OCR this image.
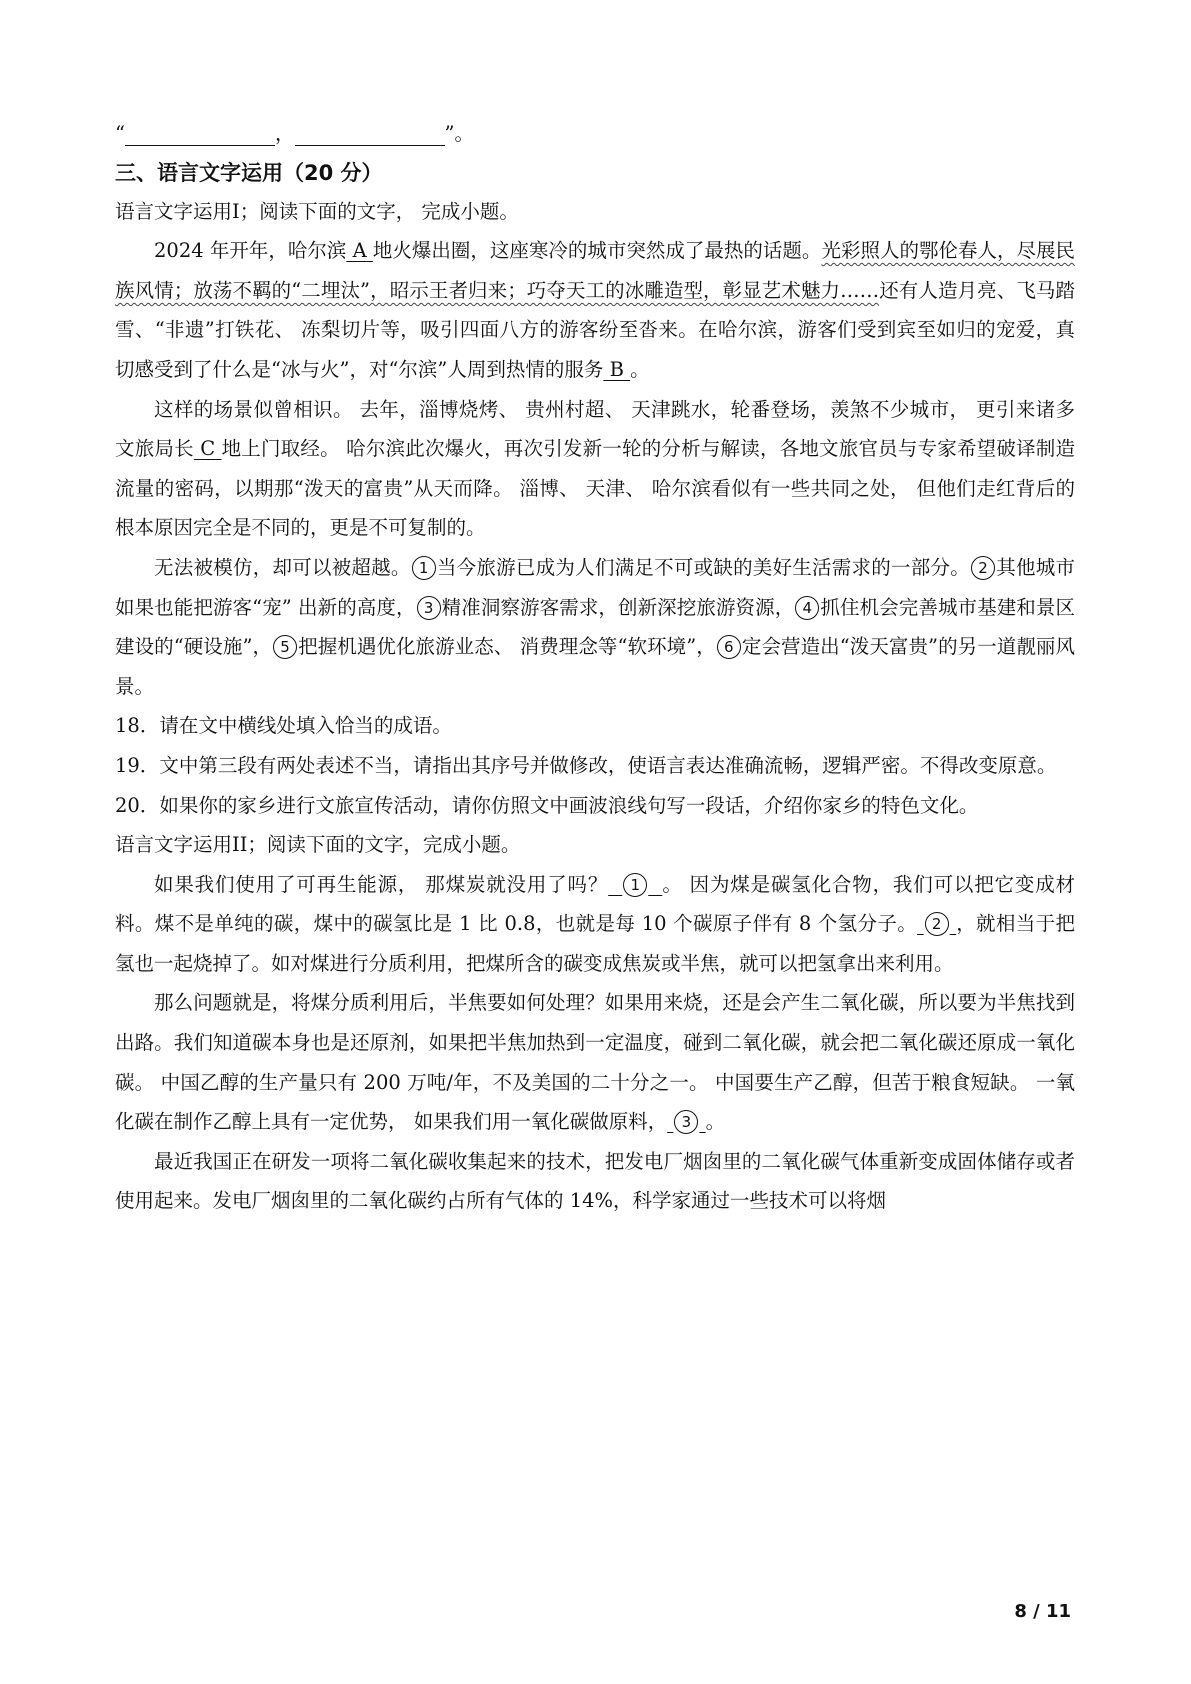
“	，	”。

三、语言文字运用（20 分）

语言文字运用I；阅读下面的文字， 完成小题。

2024 年开年，哈尔滨 A 地火爆出圈，这座寒冷的城市突然成了最热的话题。光彩照人的鄂伦春人，尽展民族风情；放荡不羁的“二埋汰”，昭示王者归来；巧夺天工的冰雕造型，彰显艺术魅力……还有人造月亮、飞马踏雪、“非遗”打铁花、 冻梨切片等，吸引四面八方的游客纷至沓来。在哈尔滨，游客们受到宾至如归的宠爱，真切感受到了什么是“冰与火”，对“尔滨”人周到热情的服务 B 。

这样的场景似曾相识。 去年，淄博烧烤、 贵州村超、 天津跳水，轮番登场，羡煞不少城市， 更引来诸多文旅局长 C 地上门取经。 哈尔滨此次爆火，再次引发新一轮的分析与解读，各地文旅官员与专家希望破译制造流量的密码，以期那“泼天的富贵”从天而降。 淄博、 天津、 哈尔滨看似有一些共同之处， 但他们走红背后的根本原因完全是不同的，更是不可复制的。

无法被模仿，却可以被超越。 1 当今旅游已成为人们满足不可或缺的美好生活需求的一部分。 2 其他城市如果也能把游客“宠” 出新的高度， 3 精准洞察游客需求，创新深挖旅游资源， 4 抓住机会完善城市基建和景区建设的“硬设施”， 5 把握机遇优化旅游业态、 消费理念等“软环境”， 6 定会营造出“泼天富贵”的另一道靓丽风景。

18．请在文中横线处填入恰当的成语。

19．文中第三段有两处表述不当，请指出其序号并做修改，使语言表达准确流畅，逻辑严密。不得改变原意。

20．如果你的家乡进行文旅宣传活动，请你仿照文中画波浪线句写一段话，介绍你家乡的特色文化。

语言文字运用II；阅读下面的文字，完成小题。

如果我们使用了可再生能源， 那煤炭就没用了吗？ 1 。 因为煤是碳氢化合物，我们可以把它变成材料。煤不是单纯的碳，煤中的碳氢比是 1 比 0.8，也就是每 10 个碳原子伴有 8 个氢分子。 2 ，就相当于把氢也一起烧掉了。如对煤进行分质利用，把煤所含的碳变成焦炭或半焦，就可以把氢拿出来利用。

那么问题就是，将煤分质利用后，半焦要如何处理？如果用来烧，还是会产生二氧化碳，所以要为半焦找到出路。我们知道碳本身也是还原剂，如果把半焦加热到一定温度，碰到二氧化碳，就会把二氧化碳还原成一氧化碳。 中国乙醇的生产量只有 200 万吨/年，不及美国的二十分之一。 中国要生产乙醇，但苦于粮食短缺。 一氧化碳在制作乙醇上具有一定优势， 如果我们用一氧化碳做原料， 3 。

最近我国正在研发一项将二氧化碳收集起来的技术，把发电厂烟囱里的二氧化碳气体重新变成固体储存或者使用起来。发电厂烟囱里的二氧化碳约占所有气体的 14%，科学家通过一些技术可以将烟

8 / 11
